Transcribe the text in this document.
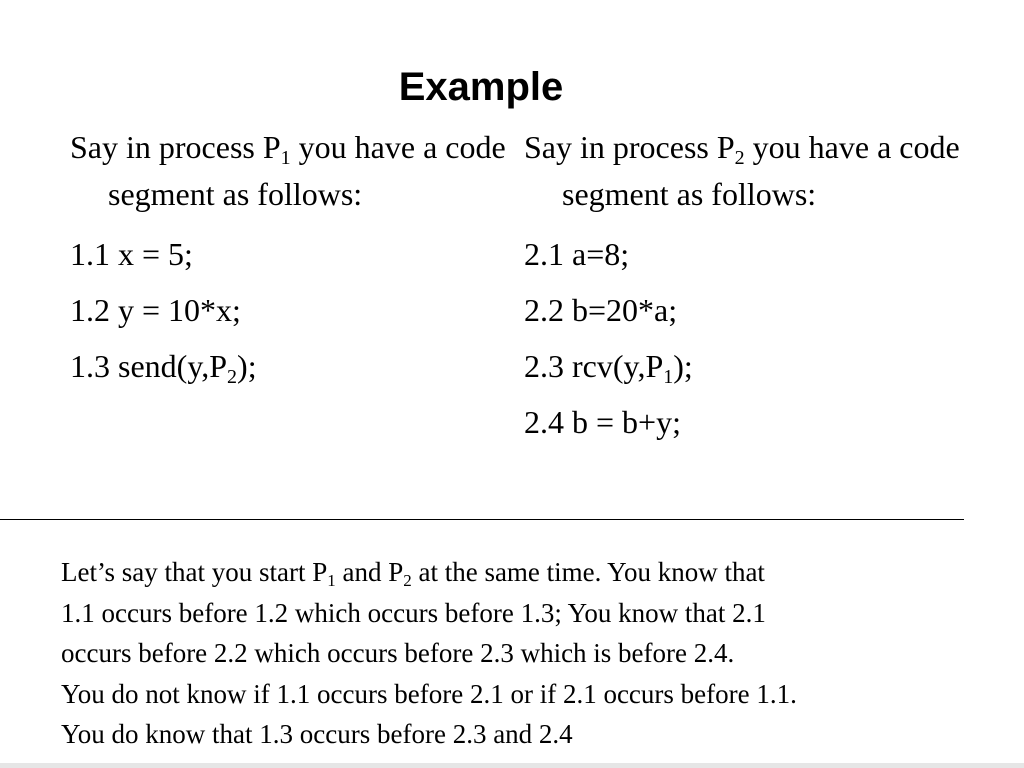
Example

Say in process $P_1$ you have a code segment as follows:

1.1 x = 5;

1.2 y = 10*x;

1.3 $send(y,P_2)$;

Say in process $P_2$ you have a code segment as follows:

2.1 a=8;

2.2 b=20*a;

2.3 $rcv(y,P_1)$;

2.4 b = b+y;

Let’s say that you start $P_1$ and $P_2$ at the same time. You know that

1.1 occurs before 1.2 which occurs before 1.3; You know that 2.1

occurs before 2.2 which occurs before 2.3 which is before 2.4.

You do not know if 1.1 occurs before 2.1 or if 2.1 occurs before 1.1.

You do know that 1.3 occurs before 2.3 and 2.4
